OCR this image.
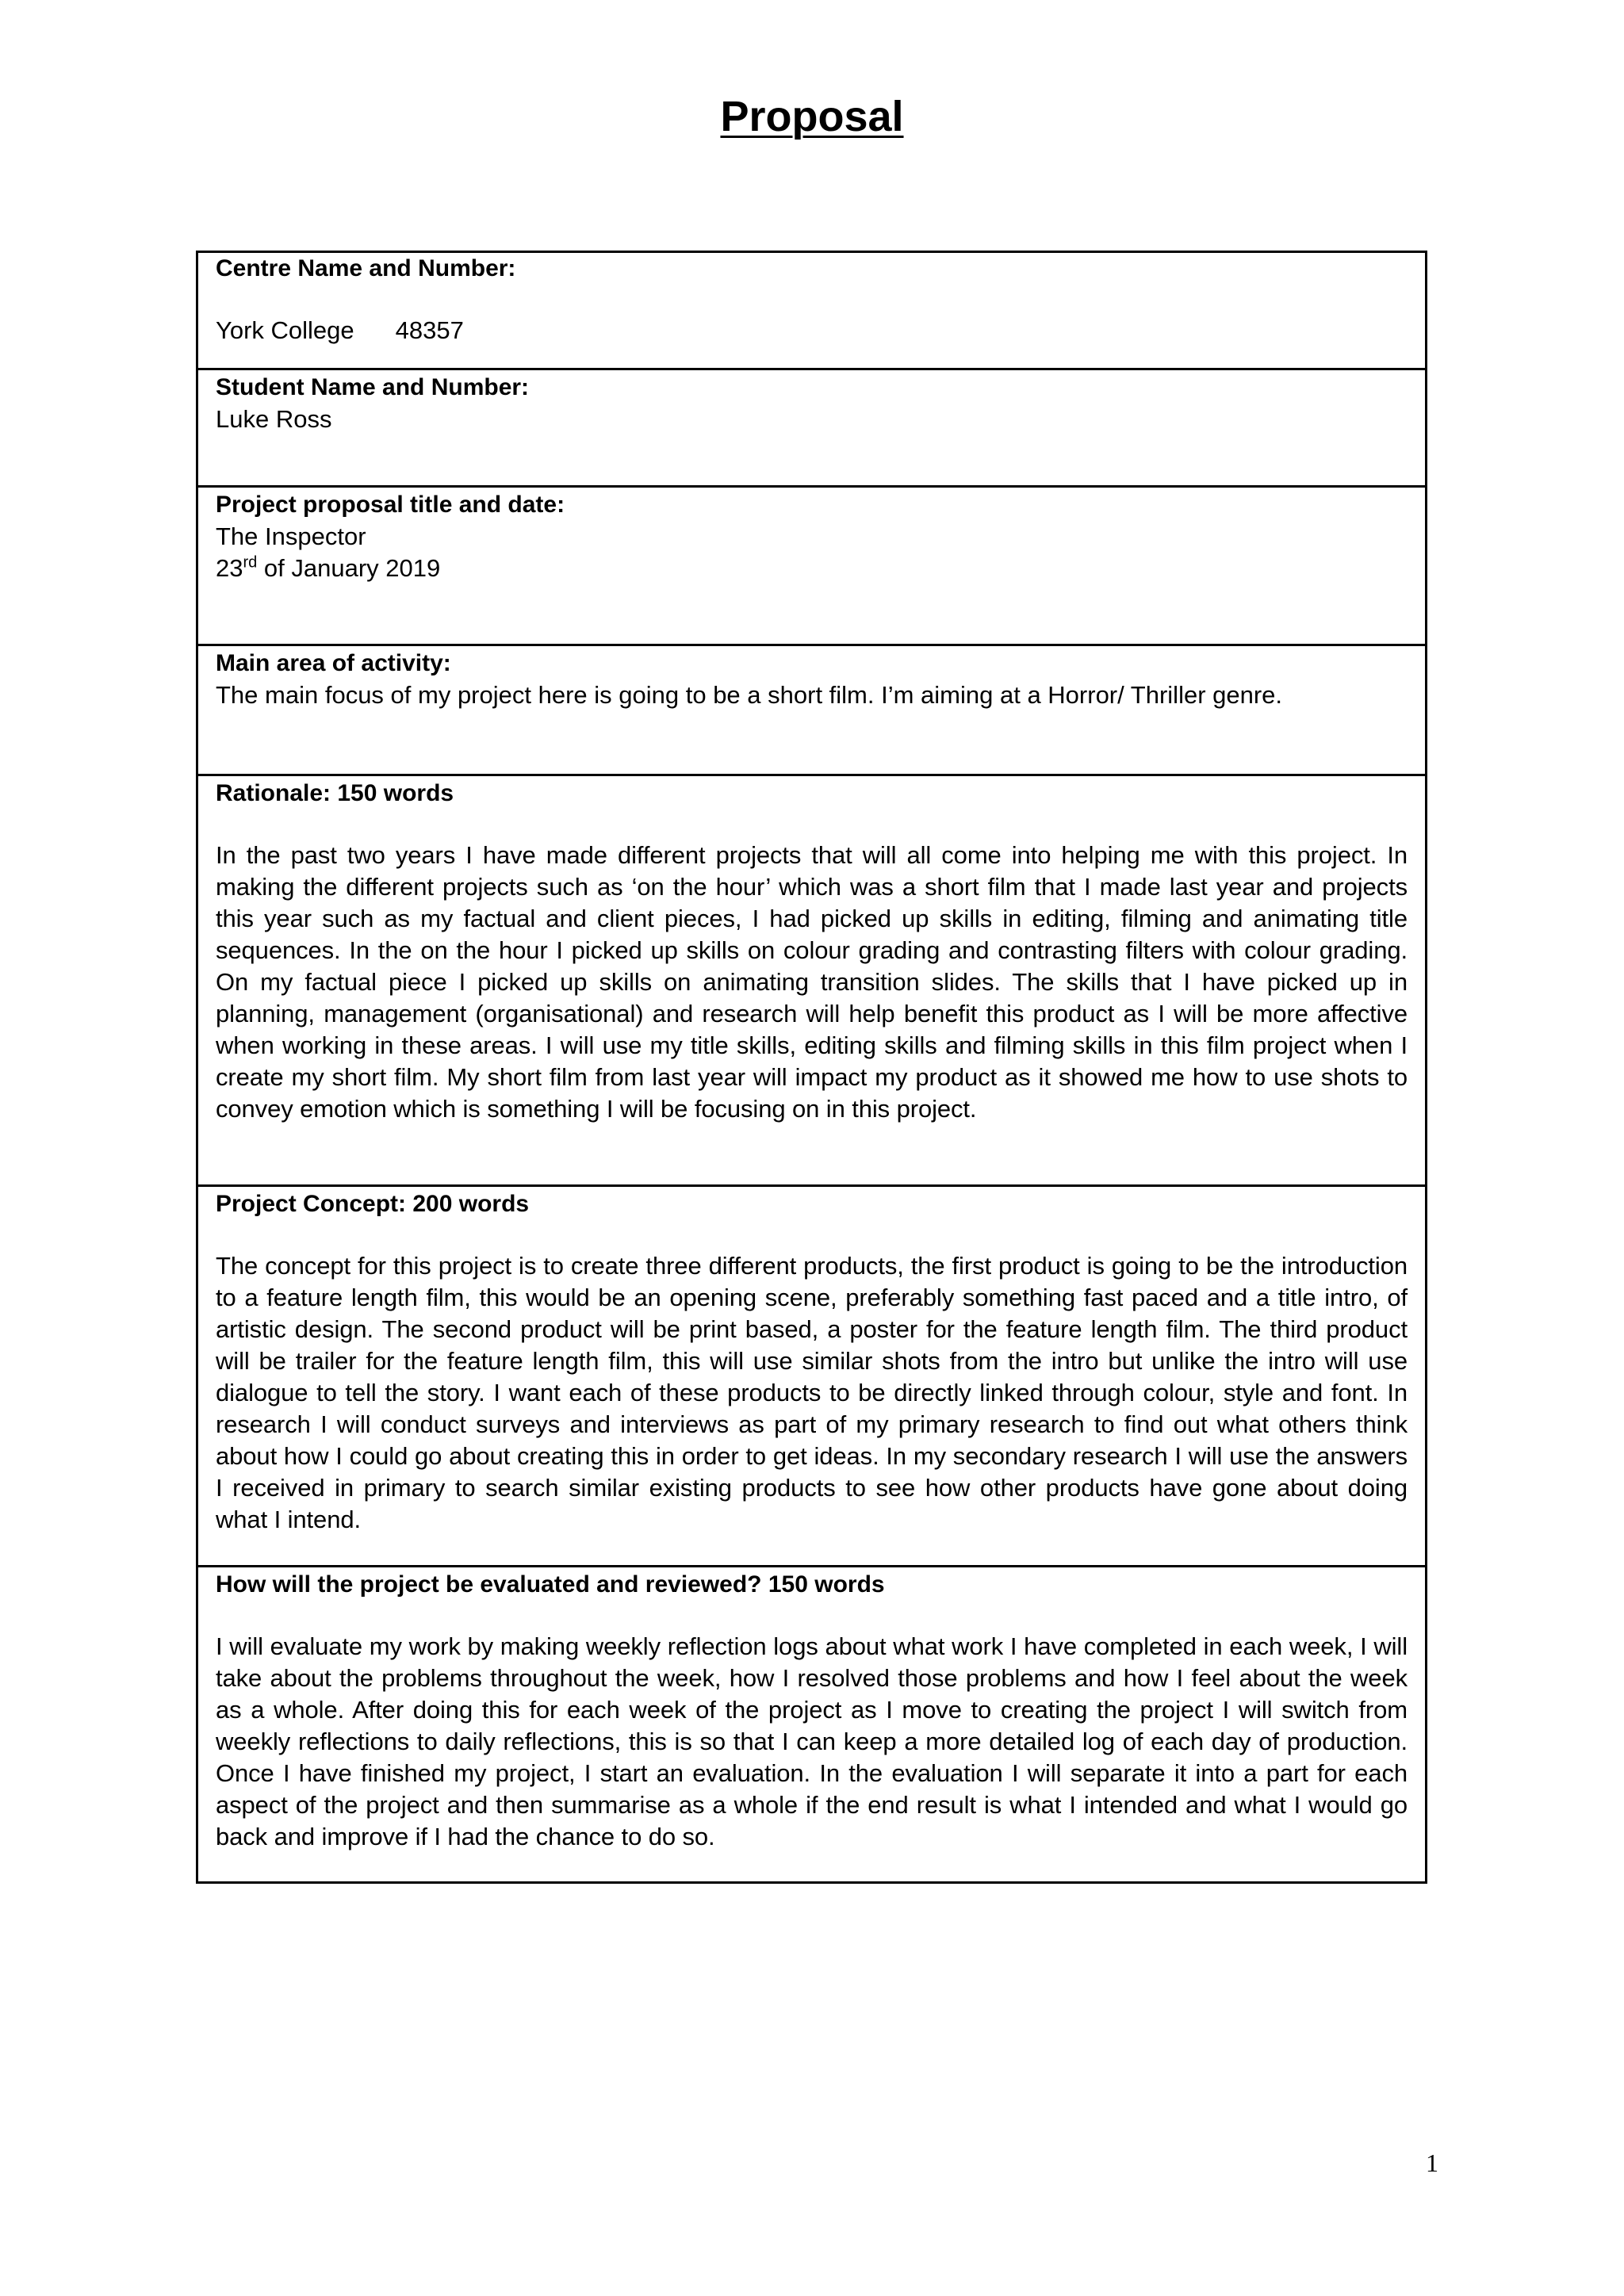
Proposal

Centre Name and Number:

York College 48357

Student Name and Number:

Luke Ross

Project proposal title and date:

The Inspector

23rd of January 2019

Main area of activity:

The main focus of my project here is going to be a short film. I’m aiming at a Horror/ Thriller genre.

Rationale: 150 words

In the past two years I have made different projects that will all come into helping me with this project. In making the different projects such as ‘on the hour’ which was a short film that I made last year and projects this year such as my factual and client pieces, I had picked up skills in editing, filming and animating title sequences. In the on the hour I picked up skills on colour grading and contrasting filters with colour grading. On my factual piece I picked up skills on animating transition slides. The skills that I have picked up in planning, management (organisational) and research will help benefit this product as I will be more affective when working in these areas. I will use my title skills, editing skills and filming skills in this film project when I create my short film. My short film from last year will impact my product as it showed me how to use shots to convey emotion which is something I will be focusing on in this project.

Project Concept: 200 words

The concept for this project is to create three different products, the first product is going to be the introduction to a feature length film, this would be an opening scene, preferably something fast paced and a title intro, of artistic design. The second product will be print based, a poster for the feature length film. The third product will be trailer for the feature length film, this will use similar shots from the intro but unlike the intro will use dialogue to tell the story. I want each of these products to be directly linked through colour, style and font. In research I will conduct surveys and interviews as part of my primary research to find out what others think about how I could go about creating this in order to get ideas. In my secondary research I will use the answers I received in primary to search similar existing products to see how other products have gone about doing what I intend.

How will the project be evaluated and reviewed? 150 words

I will evaluate my work by making weekly reflection logs about what work I have completed in each week, I will take about the problems throughout the week, how I resolved those problems and how I feel about the week as a whole. After doing this for each week of the project as I move to creating the project I will switch from weekly reflections to daily reflections, this is so that I can keep a more detailed log of each day of production. Once I have finished my project, I start an evaluation. In the evaluation I will separate it into a part for each aspect of the project and then summarise as a whole if the end result is what I intended and what I would go back and improve if I had the chance to do so.

1
